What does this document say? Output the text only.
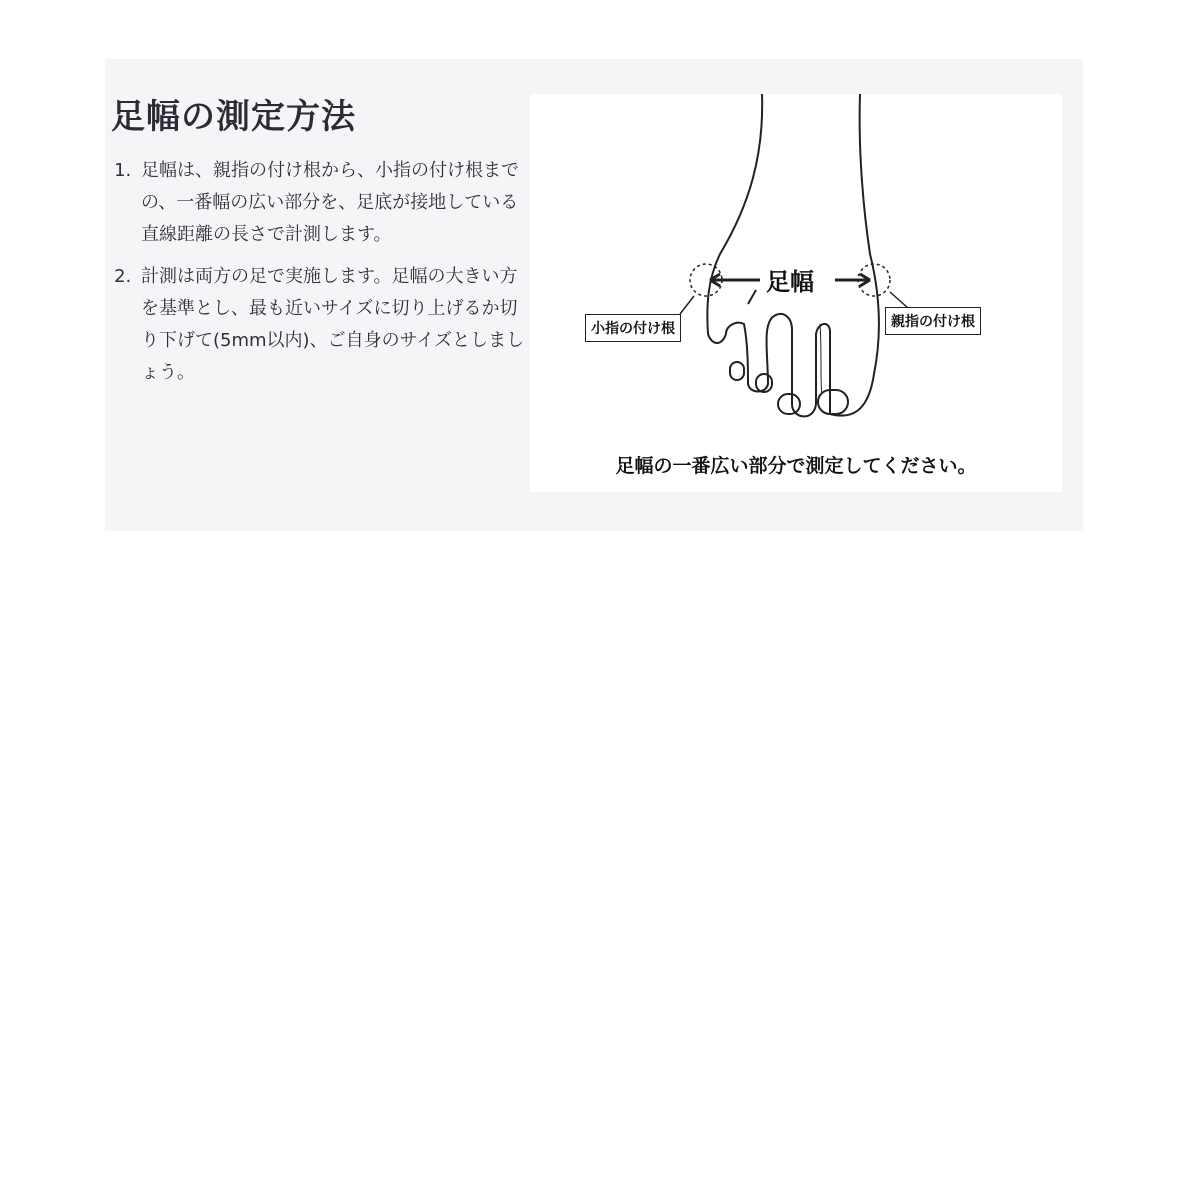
足幅の測定方法
1. 足幅は、親指の付け根から、小指の付け根までの、一番幅の広い部分を、足底が接地している直線距離の長さで計測します。
2. 計測は両方の足で実施します。足幅の大きい方を基準とし、最も近いサイズに切り上げるか切り下げて(5mm以内)、ご自身のサイズとしましょう。
足幅
小指の付け根	親指の付け根
足幅の一番広い部分で測定してください。
